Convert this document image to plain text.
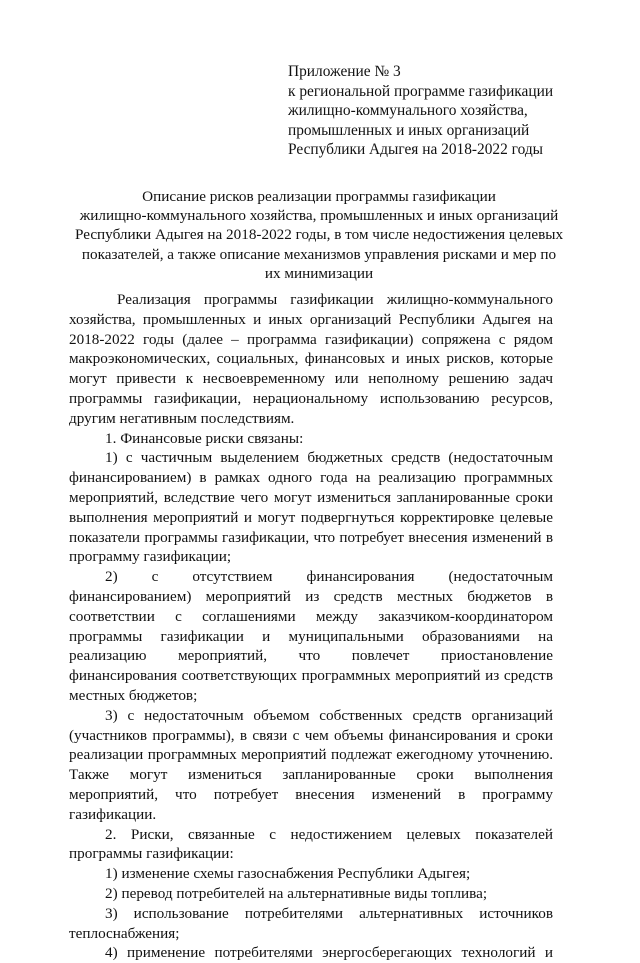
Приложение № 3
к региональной программе газификации
жилищно-коммунального хозяйства,
промышленных и иных организаций
Республики Адыгея на 2018-2022 годы
Описание рисков реализации программы газификации
жилищно-коммунального хозяйства, промышленных и иных организаций
Республики Адыгея на 2018-2022 годы, в том числе недостижения целевых
показателей, а также описание механизмов управления рисками и мер по
их минимизации
Реализация программы газификации жилищно-коммунального хозяйства, промышленных и иных организаций Республики Адыгея на 2018-2022 годы (далее – программа газификации) сопряжена с рядом макроэкономических, социальных, финансовых и иных рисков, которые могут привести к несвоевременному или неполному решению задач программы газификации, нерациональному использованию ресурсов, другим негативным последствиям.
1. Финансовые риски связаны:
1) с частичным выделением бюджетных средств (недостаточным финансированием) в рамках одного года на реализацию программных мероприятий, вследствие чего могут измениться запланированные сроки выполнения мероприятий и могут подвергнуться корректировке целевые показатели программы газификации, что потребует внесения изменений в программу газификации;
2) с отсутствием финансирования (недостаточным финансированием) мероприятий из средств местных бюджетов в соответствии с соглашениями между заказчиком-координатором программы газификации и муниципальными образованиями на реализацию мероприятий, что повлечет приостановление финансирования соответствующих программных мероприятий из средств местных бюджетов;
3) с недостаточным объемом собственных средств организаций (участников программы), в связи с чем объемы финансирования и сроки реализации программных мероприятий подлежат ежегодному уточнению. Также могут измениться запланированные сроки выполнения мероприятий, что потребует внесения изменений в программу газификации.
2. Риски, связанные с недостижением целевых показателей программы газификации:
1) изменение схемы газоснабжения Республики Адыгея;
2) перевод потребителей на альтернативные виды топлива;
3) использование потребителями альтернативных источников теплоснабжения;
4) применение потребителями энергосберегающих технологий и
